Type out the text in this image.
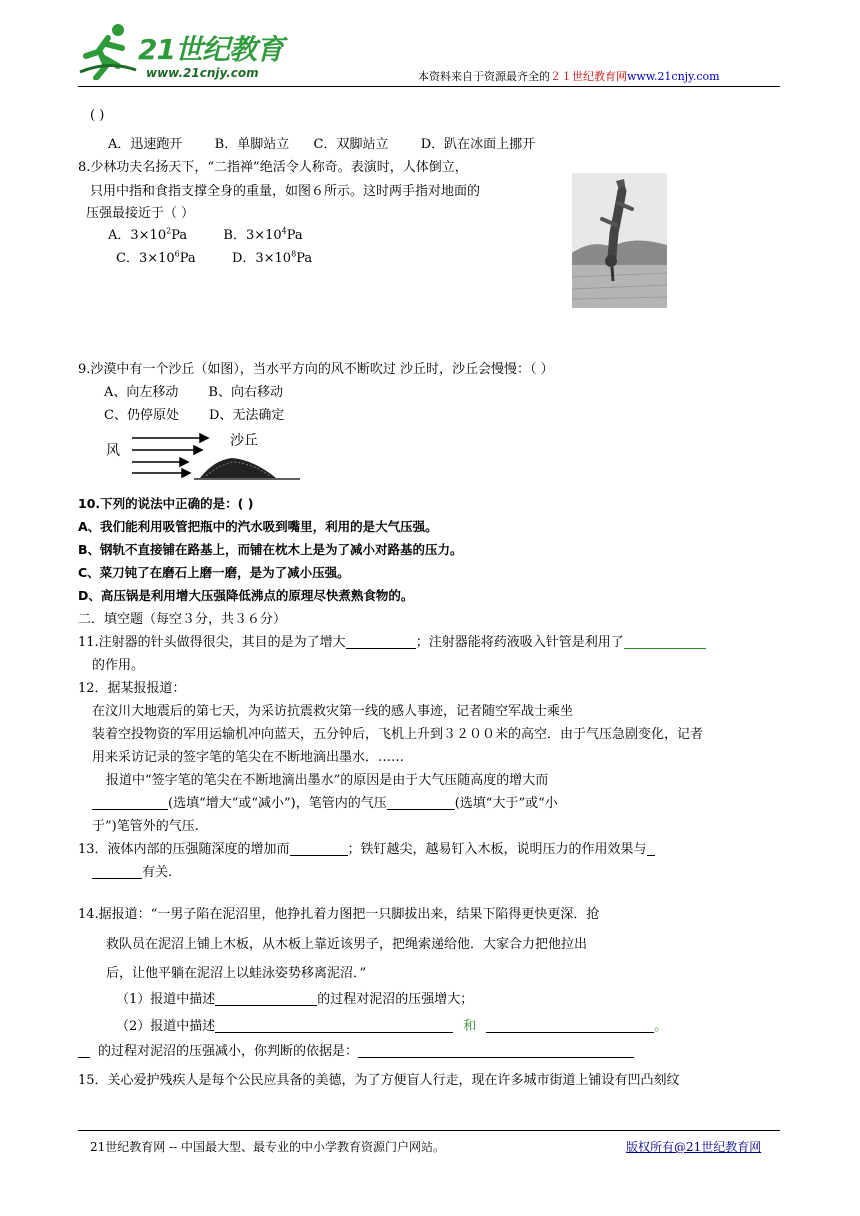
21世纪教育
www.21cnjy.com	本资料来自于资源最齐全的２１世纪教育网www.21cnjy.com
( )
A．迅速跑开 B．单脚站立 C．双脚站立 D．趴在冰面上挪开
8.少林功夫名扬天下，“二指禅”绝活令人称奇。表演时，人体倒立，
只用中指和食指支撑全身的重量，如图６所示。这时两手指对地面的
压强最接近于（ ）
A．$3\times 10^2Pa$	B．$3\times 10^4Pa$
C．$3\times 10^6Pa$	D．$3\times 10^8Pa$
9.沙漠中有一个沙丘（如图），当水平方向的风不断吹过 沙丘时，沙丘会慢慢：（ ）
A、向左移动 B、向右移动
C、仍停原处 D、无法确定
风
沙丘
10.下列的说法中正确的是：( )
A、我们能利用吸管把瓶中的汽水吸到嘴里，利用的是大气压强。
B、钢轨不直接铺在路基上，而铺在枕木上是为了减小对路基的压力。
C、菜刀钝了在磨石上磨一磨，是为了减小压强。
D、高压锅是利用增大压强降低沸点的原理尽快煮熟食物的。
二．填空题（每空３分，共３６分）
11.注射器的针头做得很尖，其目的是为了增大	；注射器能将药液吸入针管是利用了
的作用。
12．据某报报道：
在汶川大地震后的第七天，为采访抗震救灾第一线的感人事迹，记者随空军战士乘坐
装着空投物资的军用运输机冲向蓝天，五分钟后，飞机上升到３２００米的高空．由于气压急剧变化，记者
用来采访记录的签字笔的笔尖在不断地滴出墨水．……
报道中“签字笔的笔尖在不断地滴出墨水”的原因是由于大气压随高度的增大而
(选填“增大”或“减小”)，笔管内的气压	(选填“大于”或“小
于”)笔管外的气压.
13．液体内部的压强随深度的增加而	；铁钉越尖，越易钉入木板，说明压力的作用效果与
有关.
14.据报道：“一男子陷在泥沼里，他挣扎着力图把一只脚拔出来，结果下陷得更快更深．抢
救队员在泥沼上铺上木板，从木板上靠近该男子，把绳索递给他．大家合力把他拉出
后，让他平躺在泥沼上以蛙泳姿势移离泥沼．”
（1）报道中描述	的过程对泥沼的压强增大；
（2）报道中描述	和	。
的过程对泥沼的压强减小，你判断的依据是：
15．关心爱护残疾人是每个公民应具备的美德，为了方便盲人行走，现在许多城市街道上铺设有凹凸刻纹
21世纪教育网 -- 中国最大型、最专业的中小学教育资源门户网站。	版权所有@21世纪教育网
